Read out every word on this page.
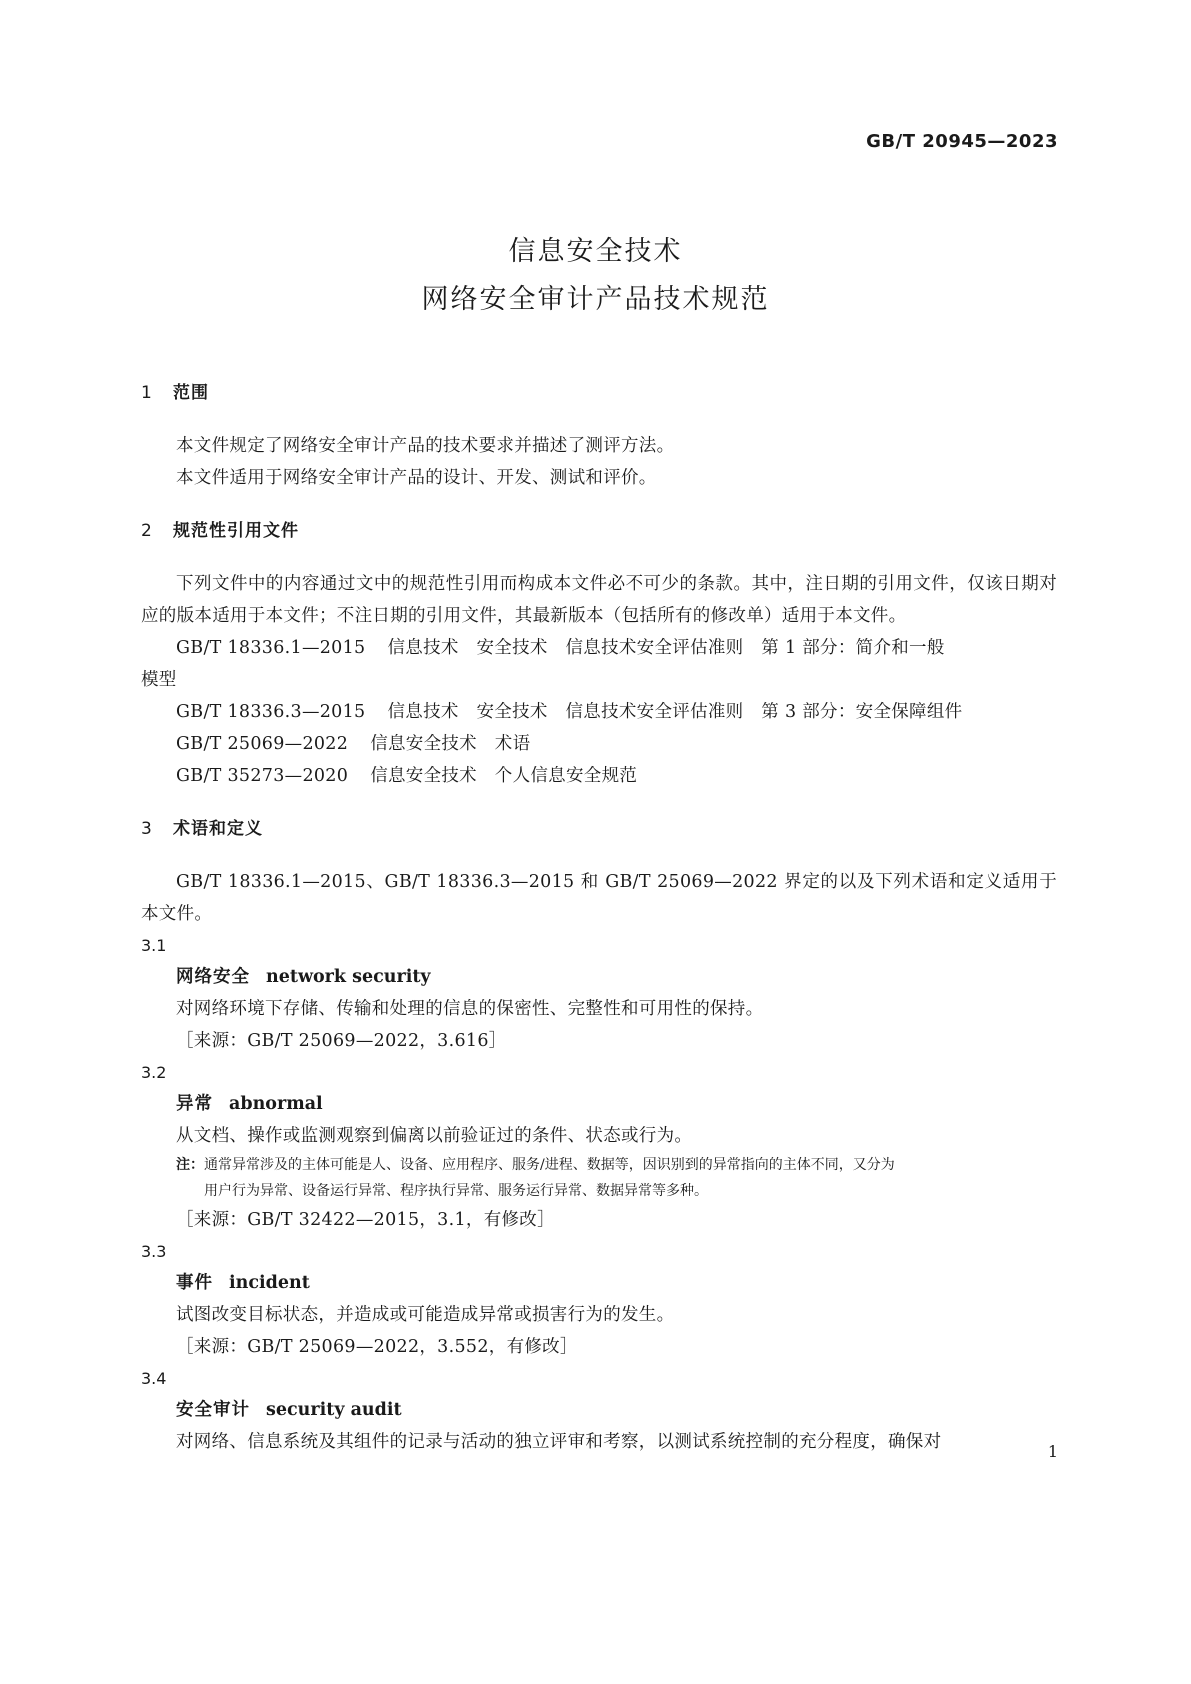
GB/T 20945—2023
信息安全技术
网络安全审计产品技术规范
1 范围
本文件规定了网络安全审计产品的技术要求并描述了测评方法。
本文件适用于网络安全审计产品的设计、开发、测试和评价。
2 规范性引用文件
下列文件中的内容通过文中的规范性引用而构成本文件必不可少的条款。其中，注日期的引用文件，仅该日期对应的版本适用于本文件；不注日期的引用文件，其最新版本（包括所有的修改单）适用于本文件。
GB/T 18336.1—2015 信息技术　安全技术　信息技术安全评估准则　第 1 部分：简介和一般
模型
GB/T 18336.3—2015 信息技术　安全技术　信息技术安全评估准则　第 3 部分：安全保障组件
GB/T 25069—2022 信息安全技术　术语
GB/T 35273—2020 信息安全技术　个人信息安全规范
3 术语和定义
GB/T 18336.1—2015、GB/T 18336.3—2015 和 GB/T 25069—2022 界定的以及下列术语和定义适用于本文件。
3.1
网络安全 network security
对网络环境下存储、传输和处理的信息的保密性、完整性和可用性的保持。
［来源：GB/T 25069—2022，3.616］
3.2
异常 abnormal
从文档、操作或监测观察到偏离以前验证过的条件、状态或行为。
注：通常异常涉及的主体可能是人、设备、应用程序、服务/进程、数据等，因识别到的异常指向的主体不同，又分为
用户行为异常、设备运行异常、程序执行异常、服务运行异常、数据异常等多种。
［来源：GB/T 32422—2015，3.1，有修改］
3.3
事件 incident
试图改变目标状态，并造成或可能造成异常或损害行为的发生。
［来源：GB/T 25069—2022，3.552，有修改］
3.4
安全审计 security audit
对网络、信息系统及其组件的记录与活动的独立评审和考察，以测试系统控制的充分程度，确保对	1
